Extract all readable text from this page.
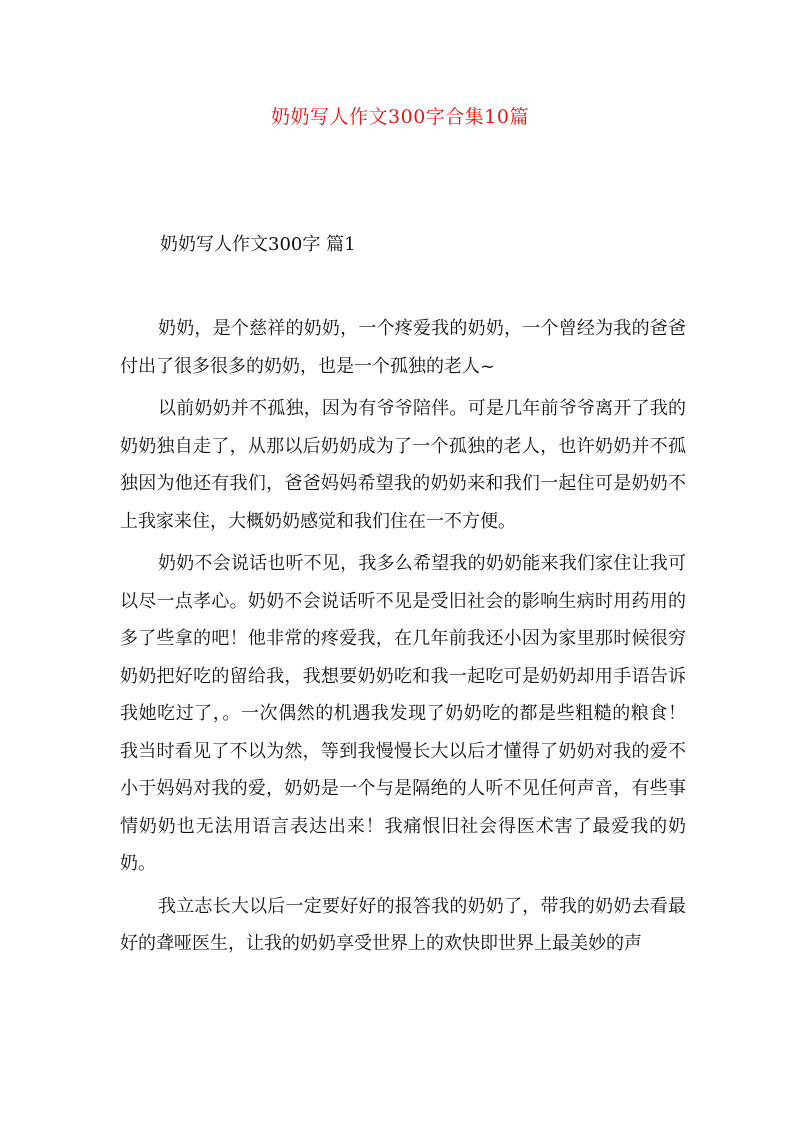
奶奶写人作文300字合集10篇
奶奶写人作文300字 篇1

奶奶，是个慈祥的奶奶，一个疼爱我的奶奶，一个曾经为我的爸爸付出了很多很多的奶奶，也是一个孤独的老人~

以前奶奶并不孤独，因为有爷爷陪伴。可是几年前爷爷离开了我的奶奶独自走了，从那以后奶奶成为了一个孤独的老人，也许奶奶并不孤独因为他还有我们，爸爸妈妈希望我的奶奶来和我们一起住可是奶奶不上我家来住，大概奶奶感觉和我们住在一不方便。

奶奶不会说话也听不见，我多么希望我的奶奶能来我们家住让我可以尽一点孝心。奶奶不会说话听不见是受旧社会的影响生病时用药用的多了些拿的吧！他非常的疼爱我，在几年前我还小因为家里那时候很穷奶奶把好吃的留给我，我想要奶奶吃和我一起吃可是奶奶却用手语告诉我她吃过了，。一次偶然的机遇我发现了奶奶吃的都是些粗糙的粮食！我当时看见了不以为然，等到我慢慢长大以后才懂得了奶奶对我的爱不小于妈妈对我的爱，奶奶是一个与是隔绝的人听不见任何声音，有些事情奶奶也无法用语言表达出来！我痛恨旧社会得医术害了最爱我的奶奶。

我立志长大以后一定要好好的报答我的奶奶了，带我的奶奶去看最好的聋哑医生，让我的奶奶享受世界上的欢快即世界上最美妙的声
